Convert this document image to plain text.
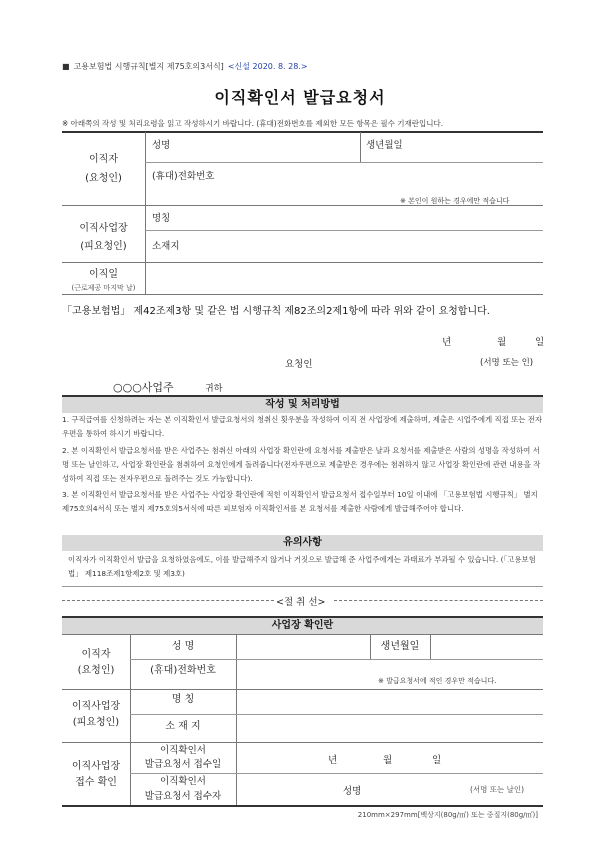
■ 고용보험법 시행규칙[별지 제75호의3서식] <신설 2020. 8. 28.>
이직확인서 발급요청서
※ 아래쪽의 작성 및 처리요령을 읽고 작성하시기 바랍니다. (휴대)전화번호를 제외한 모든 항목은 필수 기재란입니다.
이직자
(요청인)
성명	생년월일
(휴대)전화번호
※ 본인이 원하는 경우에만 적습니다
이직사업장
(피요청인)
명칭
소재지
이직일
(근로제공 마지막 날)
「고용보험법」 제42조제3항 및 같은 법 시행규칙 제82조의2제1항에 따라 위와 같이 요청합니다.
년	월	일
요청인	(서명 또는 인)
○○○사업주	귀하
작성 및 처리방법
1. 구직급여를 신청하려는 자는 본 이직확인서 발급요청서의 청취신 횟우분을 작성하여 이직 전 사업장에 제출하며, 제출은 시업주에게 직접 또는 전자우편을 통하여 하시기 바랍니다.
2. 본 이직확인서 발급요청서를 받은 사업주는 첨취신 아래의 사업장 확인란에 요청서를 제출받은 날과 요청서를 제출받은 사람의 성명을 작성하여 서명 또는 날인하고, 사업장 확인란을 첨취하여 요청인에게 돌려줍니다(전자우편으로 제출받은 경우에는 첨취하지 않고 사업장 확인란에 관련 내용을 작성하여 직접 또는 전자우편으로 돌려주는 것도 가능합니다).
3. 본 이직확인서 발급요청서를 받은 사업주는 사업장 확인란에 적힌 이직확인서 발급요청서 접수일부터 10일 이내에 「고용보험법 시행규칙」 별지 제75호의4서식 또는 별지 제75호의5서식에 따른 피보험자 이직확인서를 본 요청서를 제출한 사람에게 발급해주어야 합니다.
유의사항
이직자가 이직확인서 발급을 요청하였음에도, 이를 발급해주지 않거나 거짓으로 발급해 준 사업주에게는 과태료가 부과될 수 있습니다. (「고용보험법」 제118조제1항제2호 및 제3호)
<절 취 선>
사업장 확인란
이직자
(요청인)
성 명	생년월일
(휴대)전화번호
※ 발급요청서에 적인 경우만 적습니다.
이직사업장
(피요청인)
명 칭
소 재 지
이직사업장
접수 확인
이직확인서
발급요청서 접수일	년	월	일
이직확인서
발급요청서 접수자	성명	(서명 또는 날인)
210mm×297mm[백상지(80g/㎡) 또는 중질지(80g/㎡)]
